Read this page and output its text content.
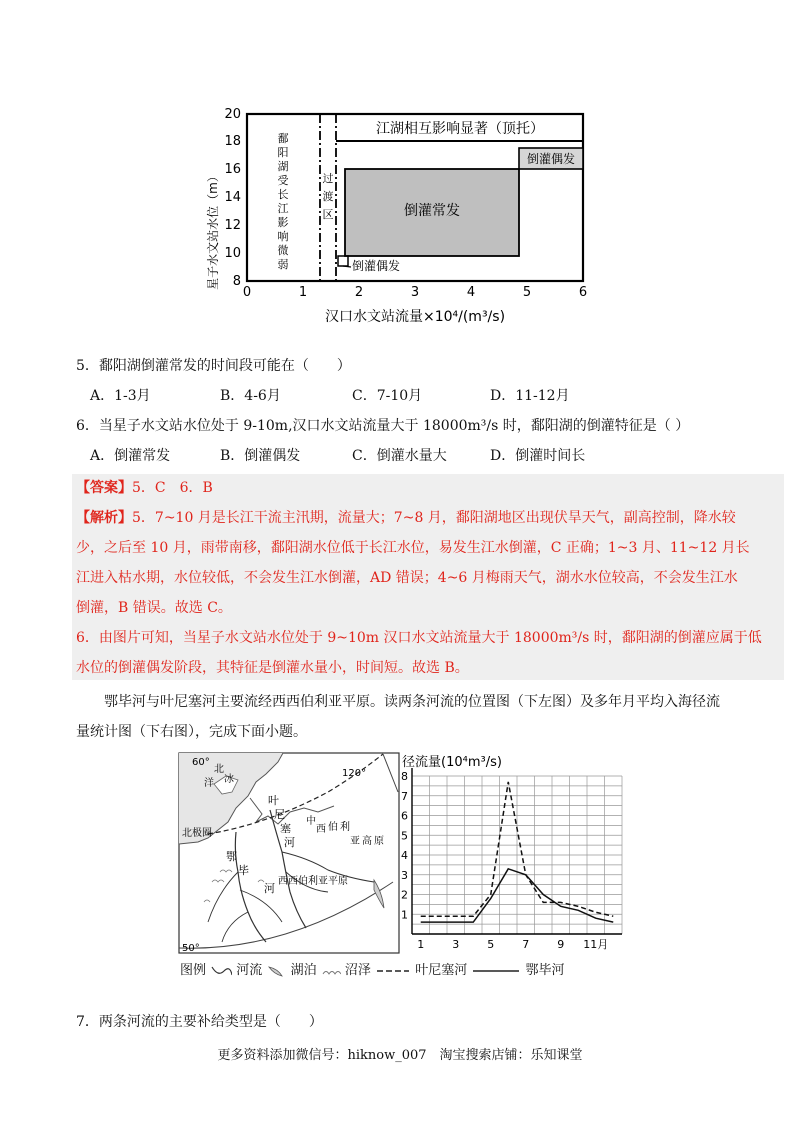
星子水文站水位（m） 8
10
12
14
16
18
20
0	1	2	3	4	5	6
汉口水文站流量×10⁴/(m³/s)
江湖相互影响显著（顶托）
鄱
阳
湖
受
长
江
影
响
微
弱
过
渡
区	倒灌常发
倒灌偶发
倒灌偶发
5．鄱阳湖倒灌常发的时间段可能在（　　）
A．1-3月	B．4-6月	C．7-10月	D．11-12月
6．当星子水文站水位处于 9-10m,汉口水文站流量大于 18000m³/s 时，鄱阳湖的倒灌特征是（ ）
A．倒灌常发	B．倒灌偶发	C．倒灌水量大	D．倒灌时间长
【答案】5．C　6．B
【解析】5．7~10 月是长江干流主汛期，流量大；7~8 月，鄱阳湖地区出现伏旱天气，副高控制，降水较
少，之后至 10 月，雨带南移，鄱阳湖水位低于长江水位，易发生江水倒灌，C 正确；1~3 月、11~12 月长
江进入枯水期，水位较低，不会发生江水倒灌，AD 错误；4~6 月梅雨天气，湖水水位较高，不会发生江水
倒灌，B 错误。故选 C。
6．由图片可知，当星子水文站水位处于 9~10m 汉口水文站流量大于 18000m³/s 时，鄱阳湖的倒灌应属于低
水位的倒灌偶发阶段，其特征是倒灌水量小，时间短。故选 B。
鄂毕河与叶尼塞河主要流经西西伯利亚平原。读两条河流的位置图（下左图）及多年月平均入海径流
量统计图（下右图），完成下面小题。
60°
50°
120°
北
冰
洋
北极圈
叶
尼
塞
河
鄂
毕
河
中
西 伯 利
亚 高 原
西西伯利亚平原
径流量(10⁴m³/s)
1
2
3
4
5
6
7
8
1	3	5	7	9 11月
图例 河流 湖泊 沼泽	叶尼塞河	鄂毕河
7．两条河流的主要补给类型是（　　）
更多资料添加微信号：hiknow_007　淘宝搜索店铺：乐知课堂
